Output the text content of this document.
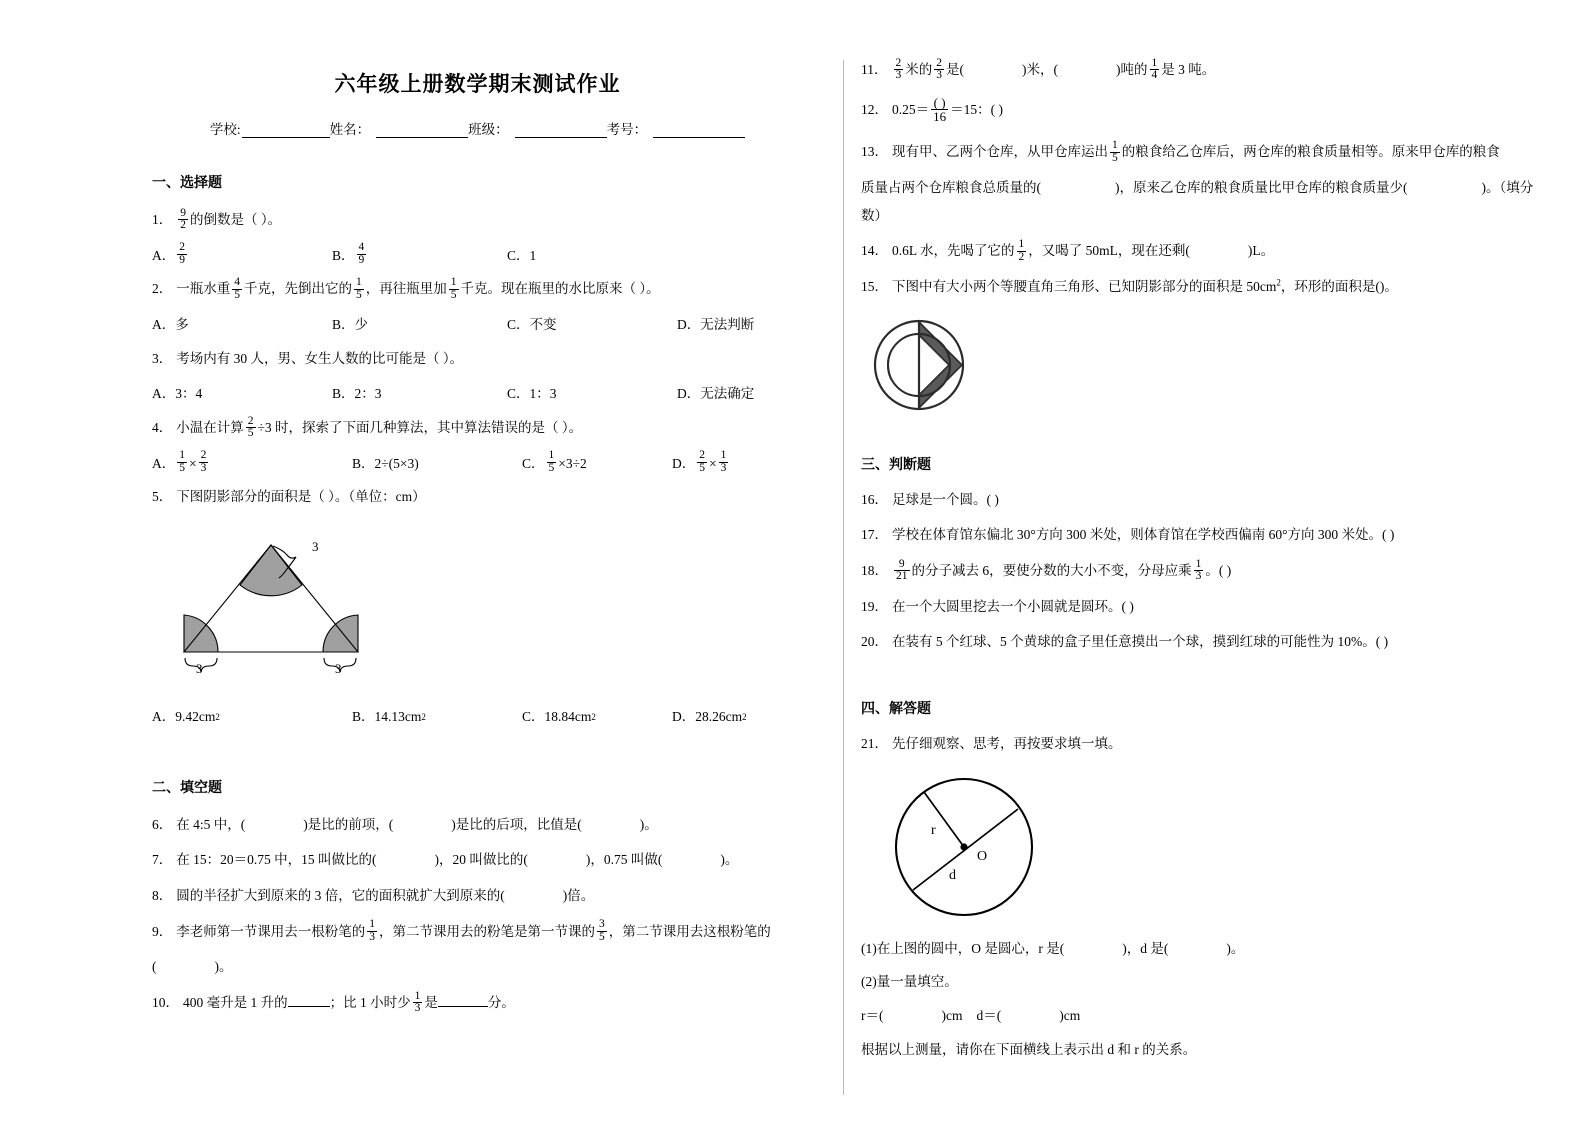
六年级上册数学期末测试作业
学校:	姓名：	班级：	考号：
一、选择题
1． $\frac{9}{2}$ 的倒数是（ ）。
A． $\frac{2}{9}$	B． $\frac{4}{9}$	C． 1
2． 一瓶水重 $\frac{4}{5}$ 千克，先倒出它的 $\frac{1}{5}$ ，再往瓶里加 $\frac{1}{5}$ 千克。现在瓶里的水比原来（ ）。
A．多	B．少	C．不变	D．无法判断
3． 考场内有 30 人，男、女生人数的比可能是（ ）。
A．3：4	B．2：3	C．1：3	D．无法确定
4． 小温在计算 $\frac{2}{5} \div 3$ 时，探索了下面几种算法，其中算法错误的是（ ）。
A． $\frac{1}{5} \times \frac{2}{3}$	B． 2÷(5×3)	C． $\frac{1}{5} \times 3\div 2$	D． $\frac{2}{5} \times \frac{1}{3}$
5． 下图阴影部分的面积是（ ）。（单位：cm）
3
3	3
A． 9.42cm 2	B． 14.13cm 2	C． 18.84cm 2	D． 28.26cm 2
二、填空题
6． 在 4:5 中，(	)是比的前项，(	)是比的后项，比值是(	)。
7． 在 15：20＝0.75 中，15 叫做比的(	)，20 叫做比的(	)，0.75 叫做(	)。
8． 圆的半径扩大到原来的 3 倍，它的面积就扩大到原来的(	)倍。
9． 李老师第一节课用去一根粉笔的 $\frac{1}{3}$ ，第二节课用去的粉笔是第一节课的 $\frac{3}{5}$ ，第二节课用去这根粉笔的
(	)。
10． 400 毫升是 1 升的	；比 1 小时少 $\frac{1}{3}$ 是	分。
11． $\frac{2}{3}$ 米的 $\frac{2}{3}$ 是(	)米，(	)吨的 $\frac{1}{4}$ 是 3 吨。
12． $0.25= \frac{( )}{16} =15$：( )
13． 现有甲、乙两个仓库，从甲仓库运出 $\frac{1}{5}$ 的粮食给乙仓库后，两仓库的粮食质量相等。原来甲仓库的粮食
质量占两个仓库粮食总质量的(	)，原来乙仓库的粮食质量比甲仓库的粮食质量少(	)。（填分数）
14． 0.6L 水，先喝了它的 $\frac{1}{2}$ ，又喝了 50mL，现在还剩(	)L。
15． 下图中有大小两个等腰直角三角形、已知阴影部分的面积是 $50cm^2$，环形的面积是()。
三、判断题
16． 足球是一个圆。( )
17． 学校在体育馆东偏北 30°方向 300 米处，则体育馆在学校西偏南 60°方向 300 米处。( )
18． $\frac{9}{21}$ 的分子减去 6，要使分数的大小不变，分母应乘 $\frac{1}{3}$ 。( )
19． 在一个大圆里挖去一个小圆就是圆环。( )
20． 在装有 5 个红球、5 个黄球的盒子里任意摸出一个球，摸到红球的可能性为 10%。( )
四、解答题
21． 先仔细观察、思考，再按要求填一填。
r
O
d
(1)在上图的圆中，O 是圆心，r 是(	)，d 是(	)。
(2)量一量填空。
r＝(	)cm d＝(	)cm
根据以上测量，请你在下面横线上表示出 d 和 r 的关系。
